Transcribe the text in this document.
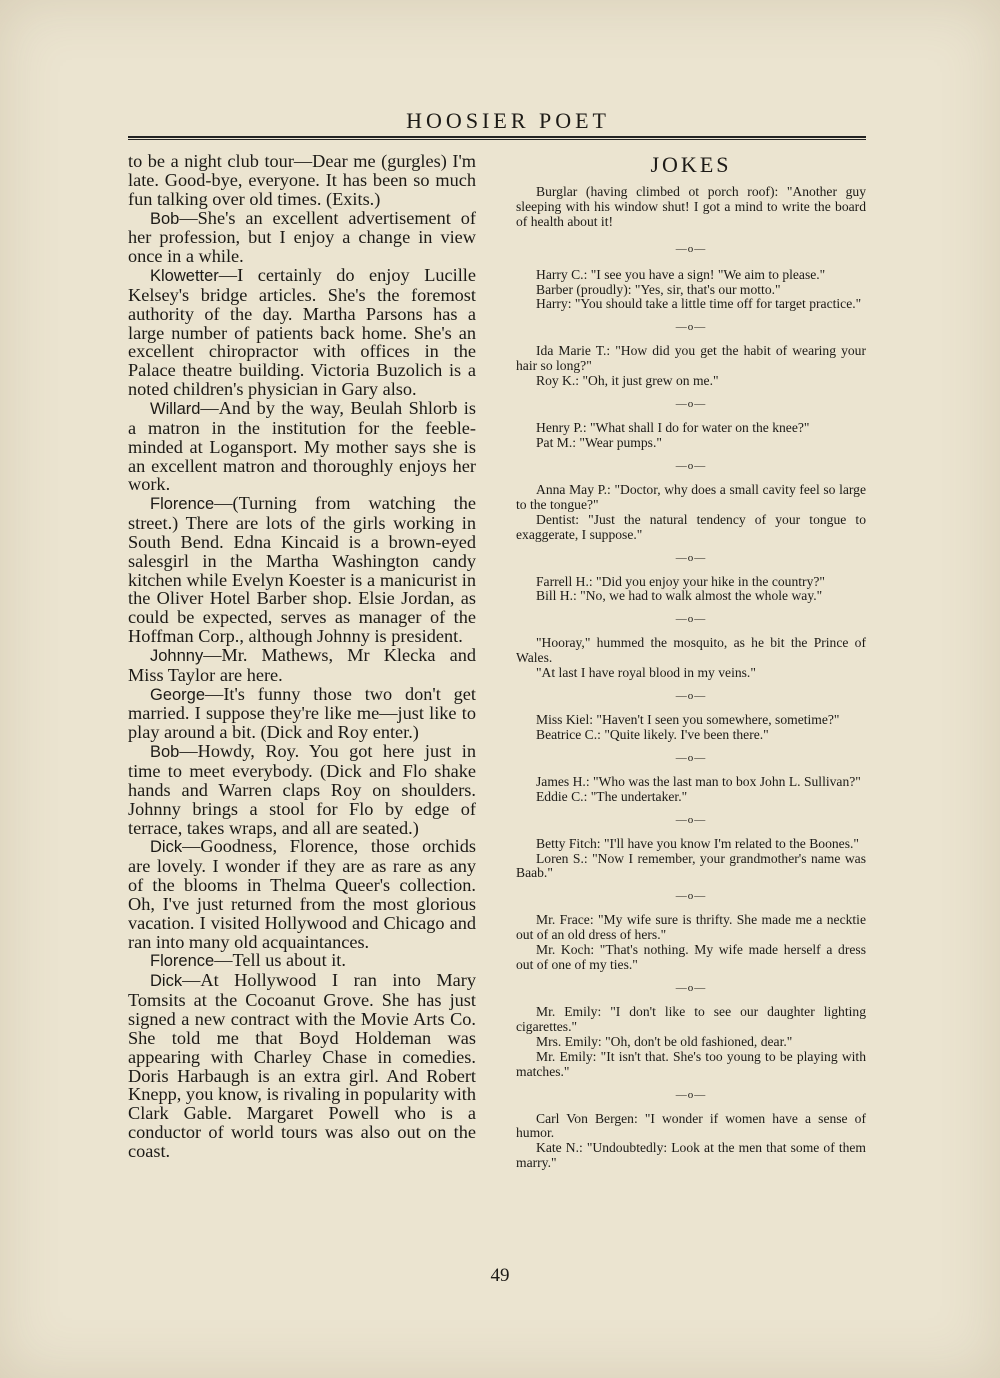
HOOSIER POET

to be a night club tour—Dear me (gurgles) I'm late. Good-bye, everyone. It has been so much fun talking over old times. (Exits.)

Bob—She's an excellent advertisement of her profession, but I enjoy a change in view once in a while.

Klowetter—I certainly do enjoy Lucille Kelsey's bridge articles. She's the foremost authority of the day. Martha Parsons has a large number of patients back home. She's an excellent chiropractor with offices in the Palace theatre building. Victoria Buzolich is a noted children's physician in Gary also.

Willard—And by the way, Beulah Shlorb is a matron in the institution for the feeble-minded at Logansport. My mother says she is an excellent matron and thoroughly enjoys her work.

Florence—(Turning from watching the street.) There are lots of the girls working in South Bend. Edna Kincaid is a brown-eyed salesgirl in the Martha Washington candy kitchen while Evelyn Koester is a manicurist in the Oliver Hotel Barber shop. Elsie Jordan, as could be expected, serves as manager of the Hoffman Corp., although Johnny is president.

Johnny—Mr. Mathews, Mr Klecka and Miss Taylor are here.

George—It's funny those two don't get married. I suppose they're like me—just like to play around a bit. (Dick and Roy enter.)

Bob—Howdy, Roy. You got here just in time to meet everybody. (Dick and Flo shake hands and Warren claps Roy on shoulders. Johnny brings a stool for Flo by edge of terrace, takes wraps, and all are seated.)

Dick—Goodness, Florence, those orchids are lovely. I wonder if they are as rare as any of the blooms in Thelma Queer's collection. Oh, I've just returned from the most glorious vacation. I visited Hollywood and Chicago and ran into many old acquaintances.

Florence—Tell us about it.

Dick—At Hollywood I ran into Mary Tomsits at the Cocoanut Grove. She has just signed a new contract with the Movie Arts Co. She told me that Boyd Holdeman was appearing with Charley Chase in comedies. Doris Harbaugh is an extra girl. And Robert Knepp, you know, is rivaling in popularity with Clark Gable. Margaret Powell who is a conductor of world tours was also out on the coast.

JOKES

Burglar (having climbed ot porch roof): "Another guy sleeping with his window shut! I got a mind to write the board of health about it!

—o—

Harry C.: "I see you have a sign! "We aim to please."

Barber (proudly): "Yes, sir, that's our motto."

Harry: "You should take a little time off for target practice."

—o—

Ida Marie T.: "How did you get the habit of wearing your hair so long?"

Roy K.: "Oh, it just grew on me."

—o—

Henry P.: "What shall I do for water on the knee?"

Pat M.: "Wear pumps."

—o—

Anna May P.: "Doctor, why does a small cavity feel so large to the tongue?"

Dentist: "Just the natural tendency of your tongue to exaggerate, I suppose."

—o—

Farrell H.: "Did you enjoy your hike in the country?"

Bill H.: "No, we had to walk almost the whole way."

—o—

"Hooray," hummed the mosquito, as he bit the Prince of Wales.

"At last I have royal blood in my veins."

—o—

Miss Kiel: "Haven't I seen you somewhere, sometime?"

Beatrice C.: "Quite likely. I've been there."

—o—

James H.: "Who was the last man to box John L. Sullivan?"

Eddie C.: "The undertaker."

—o—

Betty Fitch: "I'll have you know I'm related to the Boones."

Loren S.: "Now I remember, your grandmother's name was Baab."

—o—

Mr. Frace: "My wife sure is thrifty. She made me a necktie out of an old dress of hers."

Mr. Koch: "That's nothing. My wife made herself a dress out of one of my ties."

—o—

Mr. Emily: "I don't like to see our daughter lighting cigarettes."

Mrs. Emily: "Oh, don't be old fashioned, dear."

Mr. Emily: "It isn't that. She's too young to be playing with matches."

—o—

Carl Von Bergen: "I wonder if women have a sense of humor.

Kate N.: "Undoubtedly: Look at the men that some of them marry."

49
